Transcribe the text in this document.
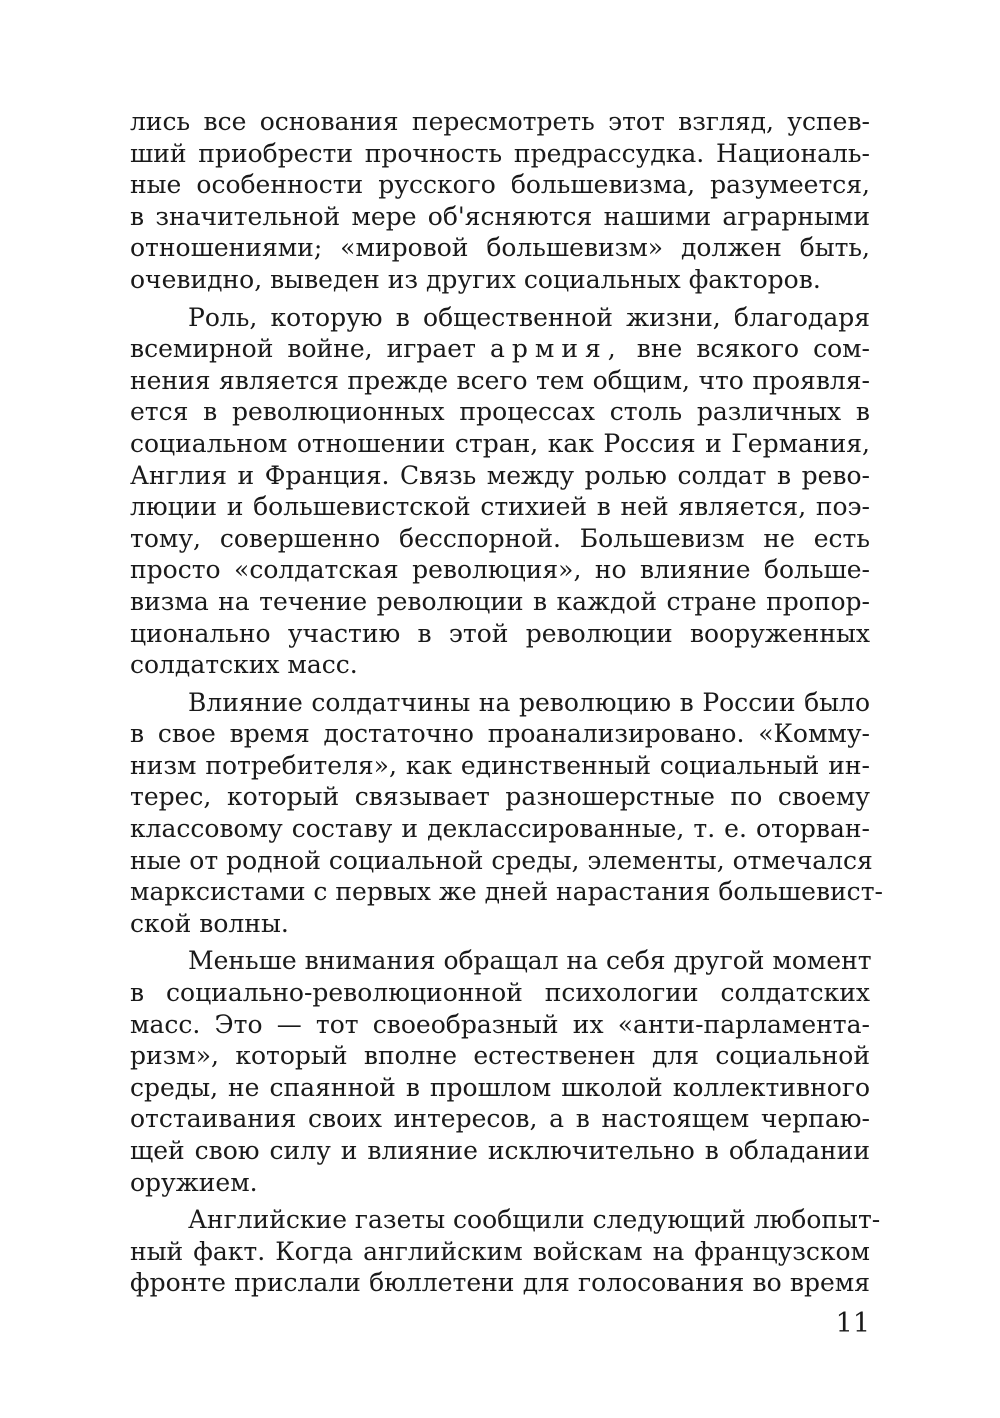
лись все основания пересмотреть этот взгляд, успев-
ший приобрести прочность предрассудка. Националь-
ные особенности русского большевизма, разумеется,
в значительной мере об'ясняются нашими аграрными
отношениями; «мировой большевизм» должен быть,
очевидно, выведен из других социальных факторов.
Роль, которую в общественной жизни, благодаря
всемирной войне, играет армия, вне всякого сом-
нения является прежде всего тем общим, что проявля-
ется в революционных процессах столь различных в
социальном отношении стран, как Россия и Германия,
Англия и Франция. Связь между ролью солдат в рево-
люции и большевистской стихией в ней является, поэ-
тому, совершенно бесспорной. Большевизм не есть
просто «солдатская революция», но влияние больше-
визма на течение революции в каждой стране пропор-
ционально участию в этой революции вооруженных
солдатских масс.
Влияние солдатчины на революцию в России было
в свое время достаточно проанализировано. «Комму-
низм потребителя», как единственный социальный ин-
терес, который связывает разношерстные по своему
классовому составу и деклассированные, т. е. оторван-
ные от родной социальной среды, элементы, отмечался
марксистами с первых же дней нарастания большевист-
ской волны.
Меньше внимания обращал на себя другой момент
в социально-революционной психологии солдатских
масс. Это — тот своеобразный их «анти-парламента-
ризм», который вполне естественен для социальной
среды, не спаянной в прошлом школой коллективного
отстаивания своих интересов, а в настоящем черпаю-
щей свою силу и влияние исключительно в обладании
оружием.
Английские газеты сообщили следующий любопыт-
ный факт. Когда английским войскам на французском
фронте прислали бюллетени для голосования во время
11
